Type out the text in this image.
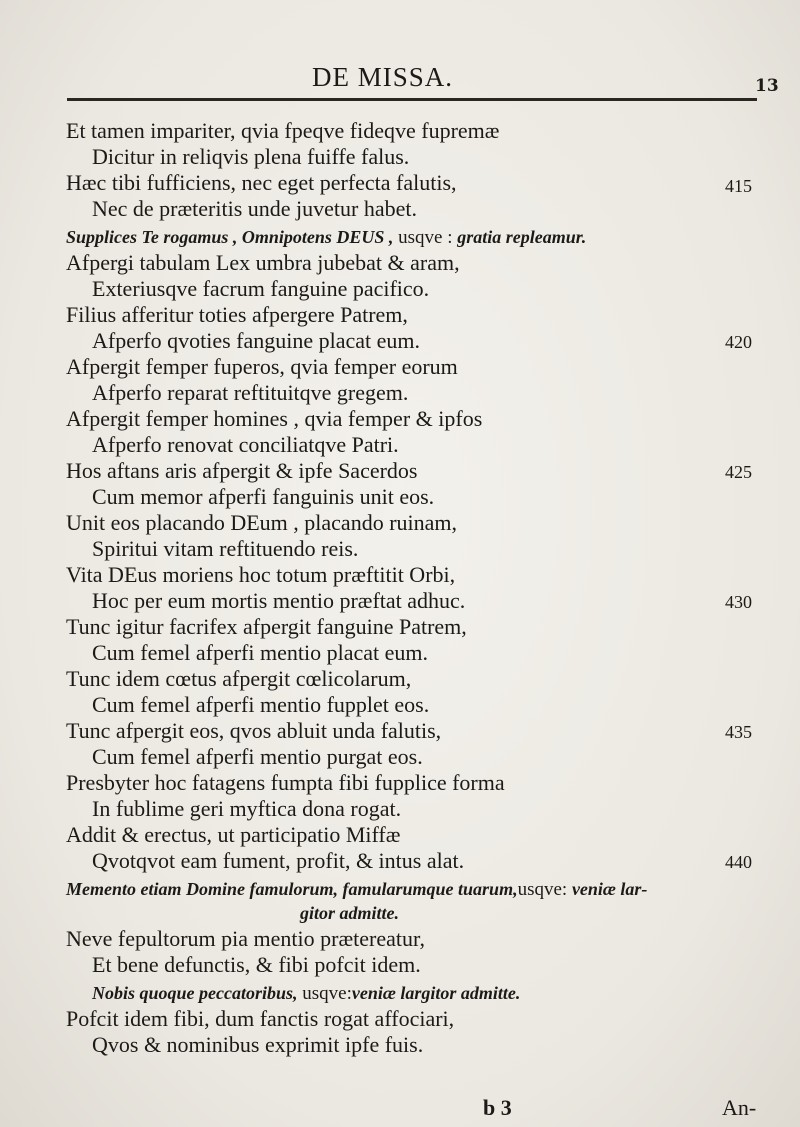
DE MISSA.	13
Et tamen impariter, qvia fpeqve fideqve fupremæ
Dicitur in reliqvis plena fuiffe falus.
Hæc tibi fufficiens, nec eget perfecta falutis,
Nec de præteritis unde juvetur habet.
Supplices Te rogamus , Omnipotens DEUS , usqve : gratia repleamur.
Afpergi tabulam Lex umbra jubebat & aram,
Exteriusqve facrum fanguine pacifico.
Filius afferitur toties afpergere Patrem,
Afperfo qvoties fanguine placat eum.
Afpergit femper fuperos, qvia femper eorum
Afperfo reparat reftituitqve gregem.
Afpergit femper homines , qvia femper & ipfos
Afperfo renovat conciliatqve Patri.
Hos aftans aris afpergit & ipfe Sacerdos
Cum memor afperfi fanguinis unit eos.
Unit eos placando DEum , placando ruinam,
Spiritui vitam reftituendo reis.
Vita DEus moriens hoc totum præftitit Orbi,
Hoc per eum mortis mentio præftat adhuc.
Tunc igitur facrifex afpergit fanguine Patrem,
Cum femel afperfi mentio placat eum.
Tunc idem cœtus afpergit cœlicolarum,
Cum femel afperfi mentio fupplet eos.
Tunc afpergit eos, qvos abluit unda falutis,
Cum femel afperfi mentio purgat eos.
Presbyter hoc fatagens fumpta fibi fupplice forma
In fublime geri myftica dona rogat.
Addit & erectus, ut participatio Miffæ
Qvotqvot eam fument, profit, & intus alat.
Memento etiam Domine famulorum, famularumque tuarum,usqve: veniæ lar-
gitor admitte.
Neve fepultorum pia mentio prætereatur,
Et bene defunctis, & fibi pofcit idem.
Nobis quoque peccatoribus, usqve:veniæ largitor admitte.
Pofcit idem fibi, dum fanctis rogat affociari,
Qvos & nominibus exprimit ipfe fuis.
415
420
425
430
435
440
b 3	An-
